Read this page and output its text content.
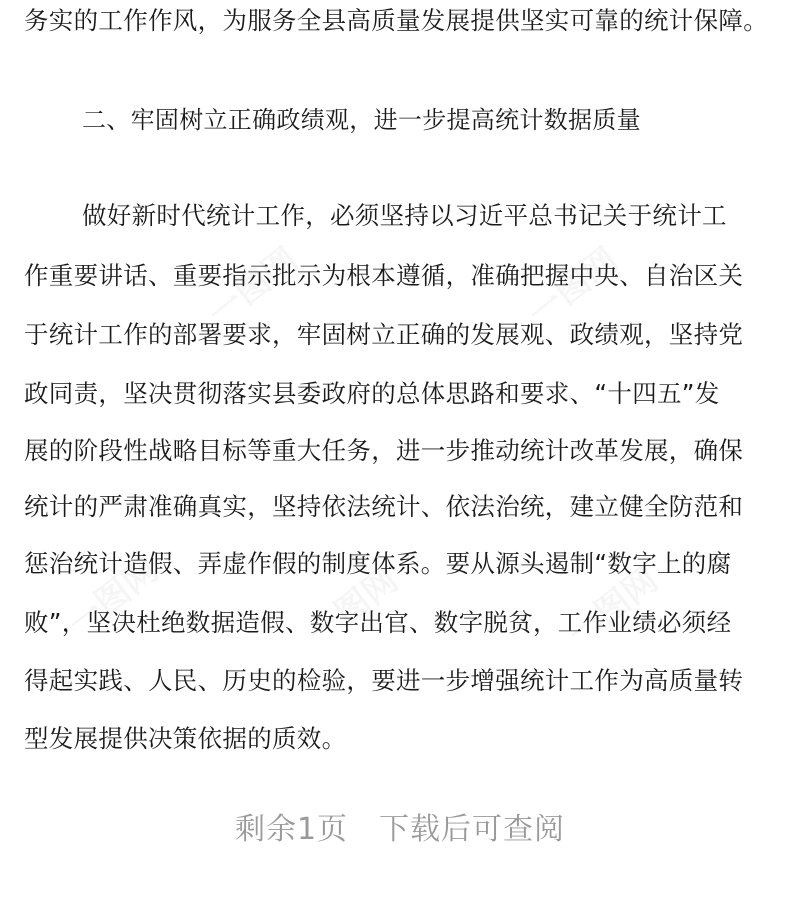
务实的工作作风，为服务全县高质量发展提供坚实可靠的统计保障。
二、牢固树立正确政绩观，进一步提高统计数据质量
做好新时代统计工作，必须坚持以习近平总书记关于统计工
作重要讲话、重要指示批示为根本遵循，准确把握中央、自治区关
于统计工作的部署要求，牢固树立正确的发展观、政绩观，坚持党
政同责，坚决贯彻落实县委政府的总体思路和要求、“十四五”发
展的阶段性战略目标等重大任务，进一步推动统计改革发展，确保
统计的严肃准确真实，坚持依法统计、依法治统，建立健全防范和
惩治统计造假、弄虚作假的制度体系。要从源头遏制“数字上的腐
败”，坚决杜绝数据造假、数字出官、数字脱贫，工作业绩必须经
得起实践、人民、历史的检验，要进一步增强统计工作为高质量转
型发展提供决策依据的质效。
剩余1页　下载后可查阅
